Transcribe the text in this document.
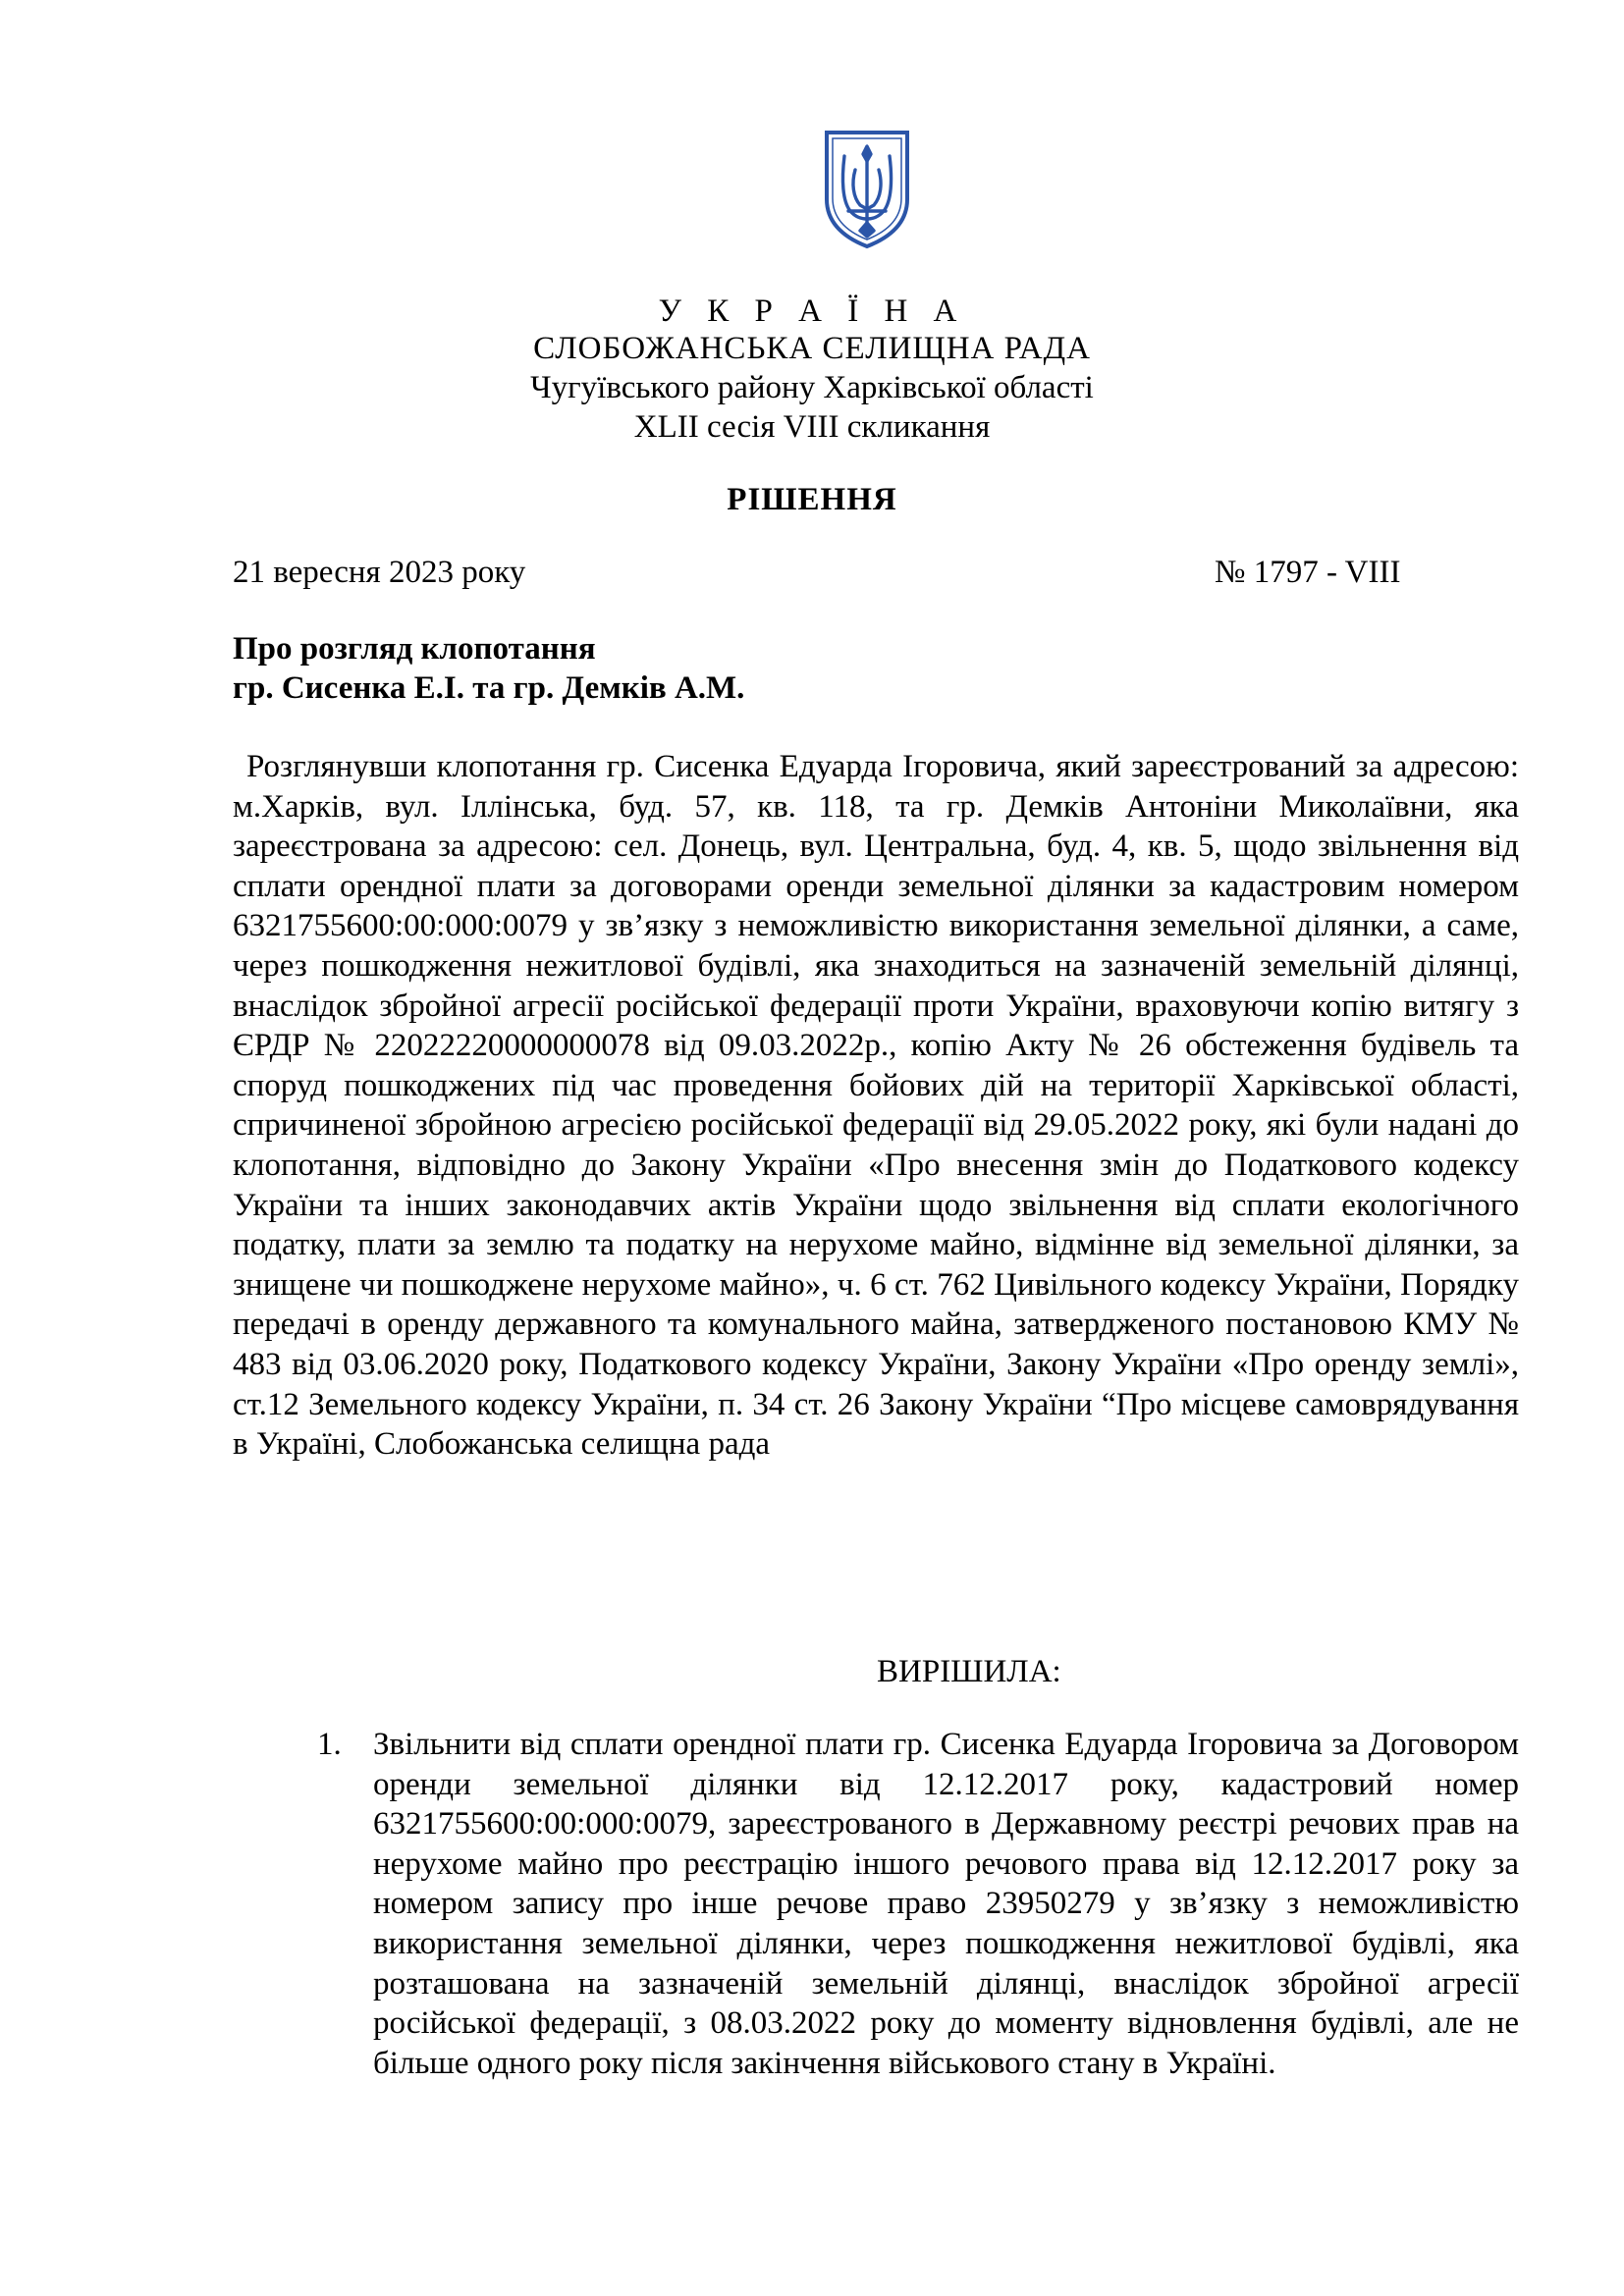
У К Р А Ї Н А
СЛОБОЖАНСЬКА СЕЛИЩНА РАДА
Чугуївського району Харківської області
XLII сесія VIII скликання
РІШЕННЯ
21 вересня 2023 року	№ 1797 - VIII
Про розгляд клопотання
гр. Сисенка Е.І. та гр. Демків А.М.
Розглянувши клопотання гр. Сисенка Едуарда Ігоровича, який зареєстрований за адресою: м.Харків, вул. Іллінська, буд. 57, кв. 118, та гр. Демків Антоніни Миколаївни, яка зареєстрована за адресою: сел. Донець, вул. Центральна, буд. 4, кв. 5, щодо звільнення від сплати орендної плати за договорами оренди земельної ділянки за кадастровим номером 6321755600:00:000:0079 у зв’язку з неможливістю використання земельної ділянки, а саме, через пошкодження нежитлової будівлі, яка знаходиться на зазначеній земельній ділянці, внаслідок збройної агресії російської федерації проти України, враховуючи копію витягу з ЄРДР № 22022220000000078 від 09.03.2022р., копію Акту № 26 обстеження будівель та споруд пошкоджених під час проведення бойових дій на території Харківської області, спричиненої збройною агресією російської федерації від 29.05.2022 року, які були надані до клопотання, відповідно до Закону України «Про внесення змін до Податкового кодексу України та інших законодавчих актів України щодо звільнення від сплати екологічного податку, плати за землю та податку на нерухоме майно, відмінне від земельної ділянки, за знищене чи пошкоджене нерухоме майно», ч. 6 ст. 762 Цивільного кодексу України, Порядку передачі в оренду державного та комунального майна, затвердженого постановою КМУ № 483 від 03.06.2020 року, Податкового кодексу України, Закону України «Про оренду землі», ст.12 Земельного кодексу України, п. 34 ст. 26 Закону України “Про місцеве самоврядування в Україні, Слобожанська селищна рада
ВИРІШИЛА:
1. Звільнити від сплати орендної плати гр. Сисенка Едуарда Ігоровича за Договором оренди земельної ділянки від 12.12.2017 року, кадастровий номер 6321755600:00:000:0079, зареєстрованого в Державному реєстрі речових прав на нерухоме майно про реєстрацію іншого речового права від 12.12.2017 року за номером запису про інше речове право 23950279 у зв’язку з неможливістю використання земельної ділянки, через пошкодження нежитлової будівлі, яка розташована на зазначеній земельній ділянці, внаслідок збройної агресії російської федерації, з 08.03.2022 року до моменту відновлення будівлі, але не більше одного року після закінчення військового стану в Україні.
